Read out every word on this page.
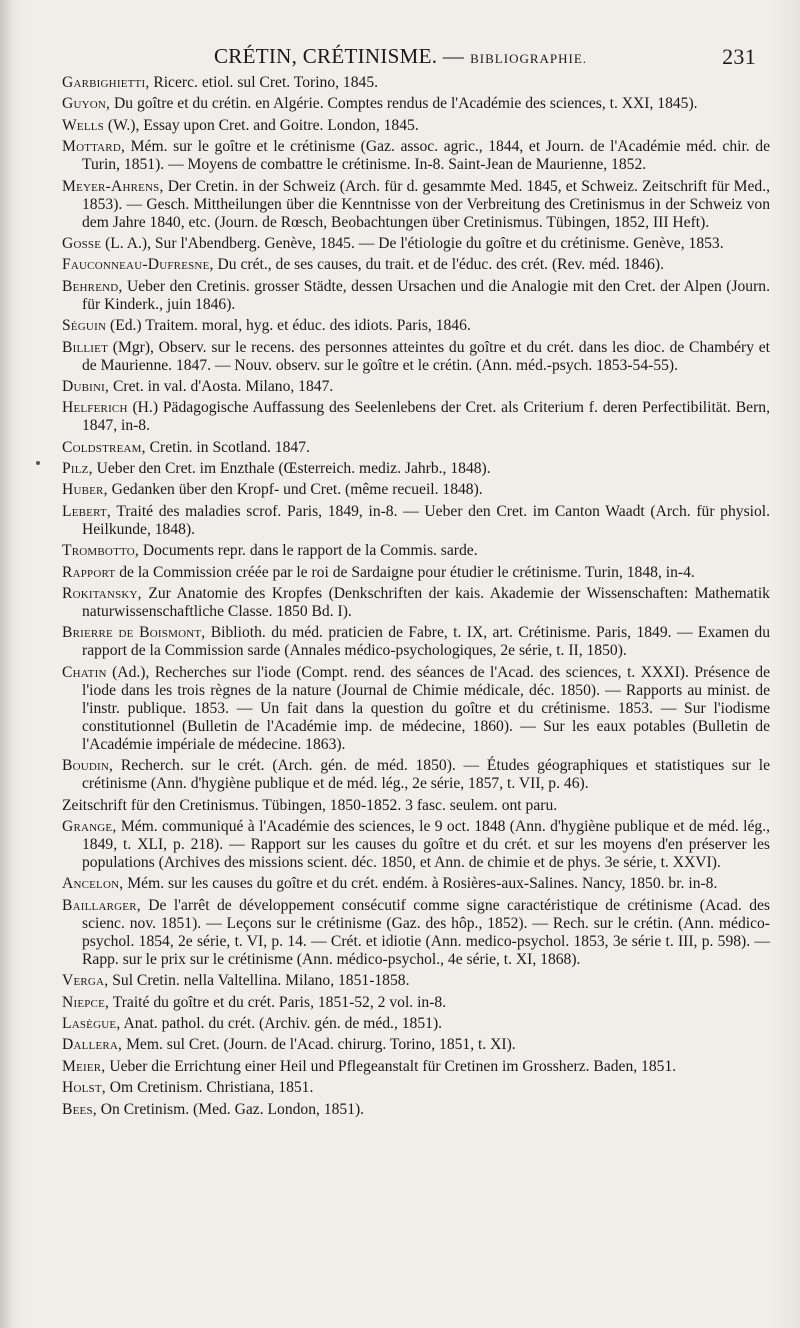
CRÉTIN, CRÉTINISME. — BIBLIOGRAPHIE.	231
Garbighietti, Ricerc. etiol. sul Cret. Torino, 1845.
Guyon, Du goître et du crétin. en Algérie. Comptes rendus de l'Académie des sciences, t. XXI, 1845).
Wells (W.), Essay upon Cret. and Goitre. London, 1845.
Mottard, Mém. sur le goître et le crétinisme (Gaz. assoc. agric., 1844, et Journ. de l'Académie méd. chir. de Turin, 1851). — Moyens de combattre le crétinisme. In-8. Saint-Jean de Maurienne, 1852.
Meyer-Ahrens, Der Cretin. in der Schweiz (Arch. für d. gesammte Med. 1845, et Schweiz. Zeitschrift für Med., 1853). — Gesch. Mittheilungen über die Kenntnisse von der Verbreitung des Cretinismus in der Schweiz von dem Jahre 1840, etc. (Journ. de Rœsch, Beobachtungen über Cretinismus. Tübingen, 1852, III Heft).
Gosse (L. A.), Sur l'Abendberg. Genève, 1845. — De l'étiologie du goître et du crétinisme. Genève, 1853.
Fauconneau-Dufresne, Du crét., de ses causes, du trait. et de l'éduc. des crét. (Rev. méd. 1846).
Behrend, Ueber den Cretinis. grosser Städte, dessen Ursachen und die Analogie mit den Cret. der Alpen (Journ. für Kinderk., juin 1846).
Séguin (Ed.) Traitem. moral, hyg. et éduc. des idiots. Paris, 1846.
Billiet (Mgr), Observ. sur le recens. des personnes atteintes du goître et du crét. dans les dioc. de Chambéry et de Maurienne. 1847. — Nouv. observ. sur le goître et le crétin. (Ann. méd.-psych. 1853-54-55).
Dubini, Cret. in val. d'Aosta. Milano, 1847.
Helferich (H.) Pädagogische Auffassung des Seelenlebens der Cret. als Criterium f. deren Perfectibilität. Bern, 1847, in-8.
Coldstream, Cretin. in Scotland. 1847.
Pilz, Ueber den Cret. im Enzthale (Œsterreich. mediz. Jahrb., 1848).
Huber, Gedanken über den Kropf- und Cret. (même recueil. 1848).
Lebert, Traité des maladies scrof. Paris, 1849, in-8. — Ueber den Cret. im Canton Waadt (Arch. für physiol. Heilkunde, 1848).
Trombotto, Documents repr. dans le rapport de la Commis. sarde.
Rapport de la Commission créée par le roi de Sardaigne pour étudier le crétinisme. Turin, 1848, in-4.
Rokitansky, Zur Anatomie des Kropfes (Denkschriften der kais. Akademie der Wissenschaften: Mathematik naturwissenschaftliche Classe. 1850 Bd. I).
Brierre de Boismont, Biblioth. du méd. praticien de Fabre, t. IX, art. Crétinisme. Paris, 1849. — Examen du rapport de la Commission sarde (Annales médico-psychologiques, 2e série, t. II, 1850).
Chatin (Ad.), Recherches sur l'iode (Compt. rend. des séances de l'Acad. des sciences, t. XXXI). Présence de l'iode dans les trois règnes de la nature (Journal de Chimie médicale, déc. 1850). — Rapports au minist. de l'instr. publique. 1853. — Un fait dans la question du goître et du crétinisme. 1853. — Sur l'iodisme constitutionnel (Bulletin de l'Académie imp. de médecine, 1860). — Sur les eaux potables (Bulletin de l'Académie impériale de médecine. 1863).
Boudin, Recherch. sur le crét. (Arch. gén. de méd. 1850). — Études géographiques et statistiques sur le crétinisme (Ann. d'hygiène publique et de méd. lég., 2e série, 1857, t. VII, p. 46).
Zeitschrift für den Cretinismus. Tübingen, 1850-1852. 3 fasc. seulem. ont paru.
Grange, Mém. communiqué à l'Académie des sciences, le 9 oct. 1848 (Ann. d'hygiène publique et de méd. lég., 1849, t. XLI, p. 218). — Rapport sur les causes du goître et du crét. et sur les moyens d'en préserver les populations (Archives des missions scient. déc. 1850, et Ann. de chimie et de phys. 3e série, t. XXVI).
Ancelon, Mém. sur les causes du goître et du crét. endém. à Rosières-aux-Salines. Nancy, 1850. br. in-8.
Baillarger, De l'arrêt de développement consécutif comme signe caractéristique de crétinisme (Acad. des scienc. nov. 1851). — Leçons sur le crétinisme (Gaz. des hôp., 1852). — Rech. sur le crétin. (Ann. médico-psychol. 1854, 2e série, t. VI, p. 14. — Crét. et idiotie (Ann. medico-psychol. 1853, 3e série t. III, p. 598). — Rapp. sur le prix sur le crétinisme (Ann. médico-psychol., 4e série, t. XI, 1868).
Verga, Sul Cretin. nella Valtellina. Milano, 1851-1858.
Niepce, Traité du goître et du crét. Paris, 1851-52, 2 vol. in-8.
Lasègue, Anat. pathol. du crét. (Archiv. gén. de méd., 1851).
Dallera, Mem. sul Cret. (Journ. de l'Acad. chirurg. Torino, 1851, t. XI).
Meier, Ueber die Errichtung einer Heil und Pflegeanstalt für Cretinen im Grossherz. Baden, 1851.
Holst, Om Cretinism. Christiana, 1851.
Bees, On Cretinism. (Med. Gaz. London, 1851).
